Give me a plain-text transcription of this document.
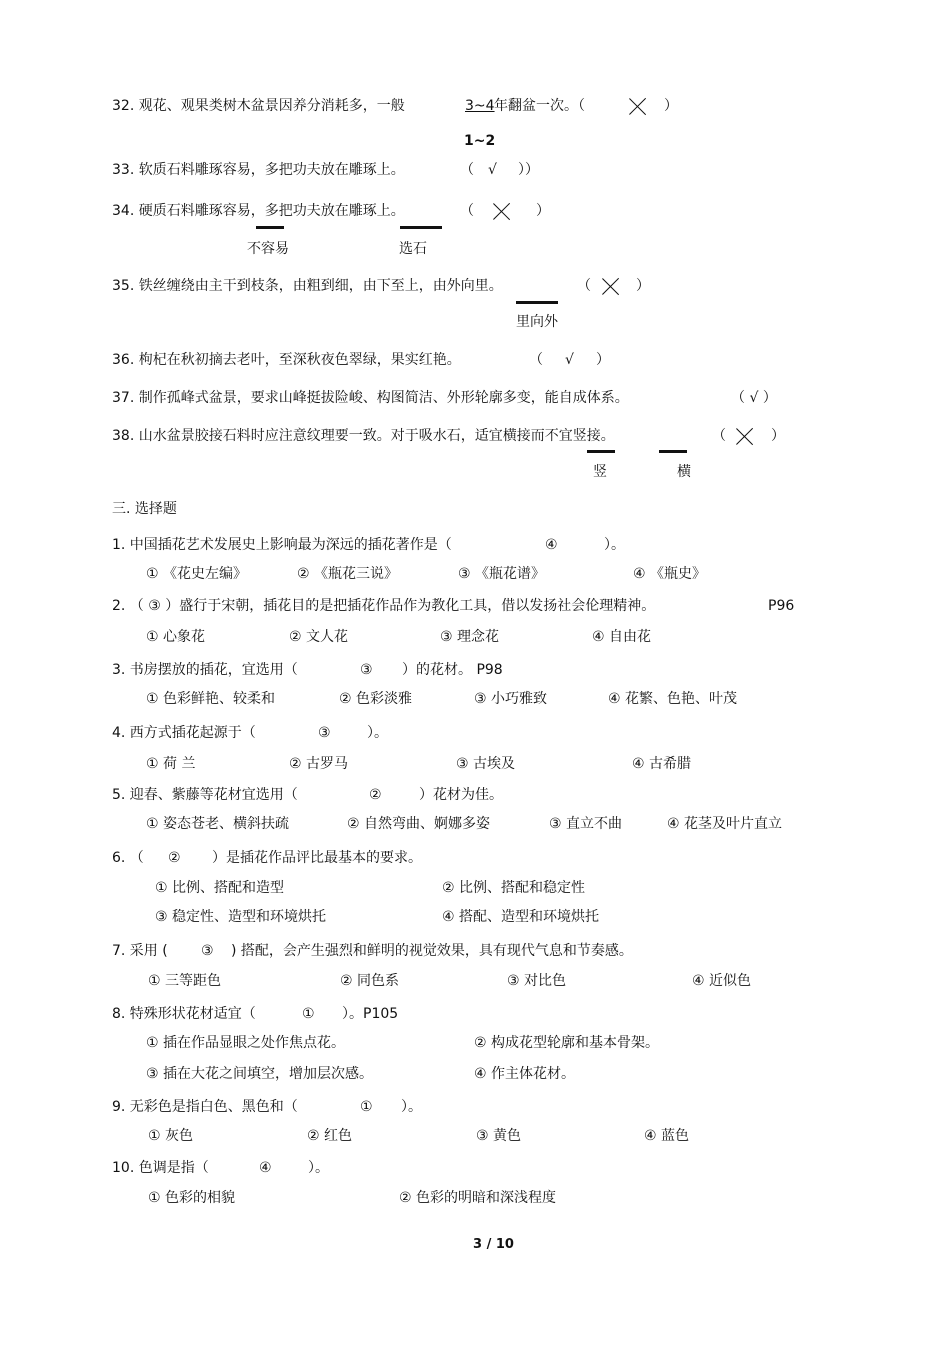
32. 观花、观果类树木盆景因养分消耗多，一般	3~4 年翻盆一次。（	）
1~2
33. 软质石料雕琢容易，多把功夫放在雕琢上。	（ √ ））
34. 硬质石料雕琢容易，多把功夫放在雕琢上。	（	）
不容易	选石
35. 铁丝缠绕由主干到枝条，由粗到细，由下至上，由外向里。	（	）
里向外
36. 枸杞在秋初摘去老叶，至深秋夜色翠绿，果实红艳。	（ √ ）
37. 制作孤峰式盆景，要求山峰挺拔险峻、构图简洁、外形轮廓多变，能自成体系。	（ √ ）
38. 山水盆景胶接石料时应注意纹理要一致。对于吸水石，适宜横接而不宜竖接。	（	）
竖	横
三. 选择题
1. 中国插花艺术发展史上影响最为深远的插花著作是（	④	）。
① 《花史左编》	② 《瓶花三说》	③ 《瓶花谱》	④ 《瓶史》
2. （ ③ ）盛行于宋朝，插花目的是把插花作品作为教化工具，借以发扬社会伦理精神。	P96
① 心象花	② 文人花	③ 理念花	④ 自由花
3. 书房摆放的插花，宜选用（	③ ）的花材。 P98
① 色彩鲜艳、较柔和	② 色彩淡雅	③ 小巧雅致	④ 花繁、色艳、叶茂
4. 西方式插花起源于（	③	）。
① 荷 兰	② 古罗马	③ 古埃及	④ 古希腊
5. 迎春、紫藤等花材宜选用（	②	）花材为佳。
① 姿态苍老、横斜扶疏	② 自然弯曲、婀娜多姿	③ 直立不曲	④ 花茎及叶片直立
6. （ ② ）是插花作品评比最基本的要求。
① 比例、搭配和造型	② 比例、搭配和稳定性
③ 稳定性、造型和环境烘托	④ 搭配、造型和环境烘托
7. 采用 ( ③ ) 搭配，会产生强烈和鲜明的视觉效果，具有现代气息和节奏感。
① 三等距色	② 同色系	③ 对比色	④ 近似色
8. 特殊形状花材适宜（	① ）。P105
① 插在作品显眼之处作焦点花。	② 构成花型轮廓和基本骨架。
③ 插在大花之间填空，增加层次感。	④ 作主体花材。
9. 无彩色是指白色、黑色和（	① ）。
① 灰色	② 红色	③ 黄色	④ 蓝色
10. 色调是指（	④	）。
① 色彩的相貌	② 色彩的明暗和深浅程度
3 / 10
